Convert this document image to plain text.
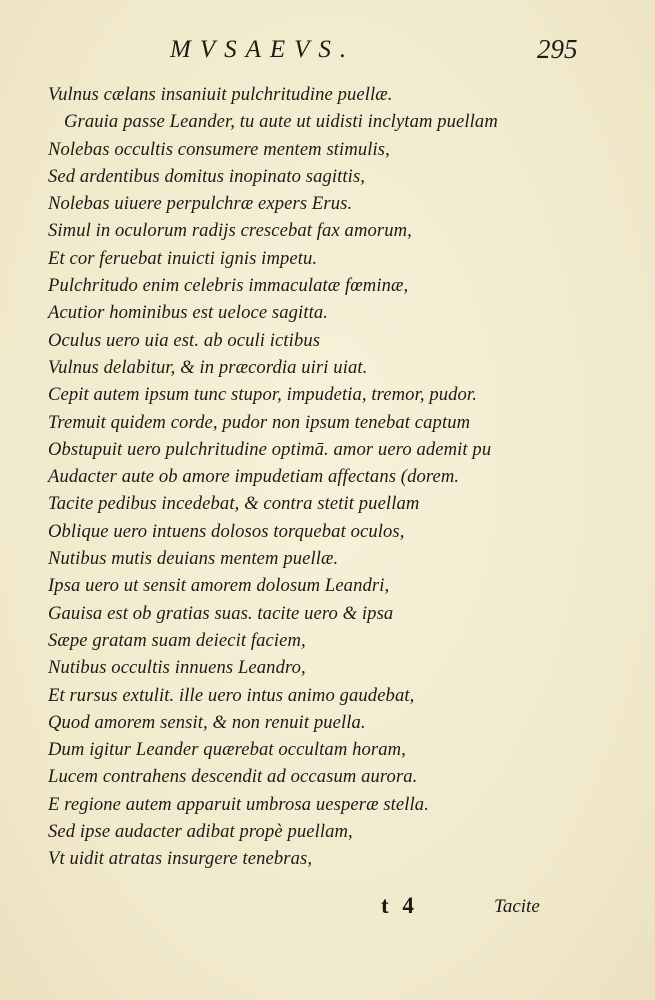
MVSAEVS.	295
Vulnus cælans insaniuit pulchritudine puellæ.
Grauia passe Leander, tu aute ut uidisti inclytam puellam
Nolebas occultis consumere mentem stimulis,
Sed ardentibus domitus inopinato sagittis,
Nolebas uiuere perpulchræ expers Erus.
Simul in oculorum radijs crescebat fax amorum,
Et cor feruebat inuicti ignis impetu.
Pulchritudo enim celebris immaculatæ fœminæ,
Acutior hominibus est ueloce sagitta.
Oculus uero uia est. ab oculi ictibus
Vulnus delabitur, & in præcordia uiri uiat.
Cepit autem ipsum tunc stupor, impudetia, tremor, pudor.
Tremuit quidem corde, pudor non ipsum tenebat captum
Obstupuit uero pulchritudine optimā. amor uero ademit pu
Audacter aute ob amore impudetiam affectans (dorem.
Tacite pedibus incedebat, & contra stetit puellam
Oblique uero intuens dolosos torquebat oculos,
Nutibus mutis deuians mentem puellæ.
Ipsa uero ut sensit amorem dolosum Leandri,
Gauisa est ob gratias suas. tacite uero & ipsa
Sæpe gratam suam deiecit faciem,
Nutibus occultis innuens Leandro,
Et rursus extulit. ille uero intus animo gaudebat,
Quod amorem sensit, & non renuit puella.
Dum igitur Leander quærebat occultam horam,
Lucem contrahens descendit ad occasum aurora.
E regione autem apparuit umbrosa uesperæ stella.
Sed ipse audacter adibat propè puellam,
Vt uidit atratas insurgere tenebras,
t 4	Tacite
